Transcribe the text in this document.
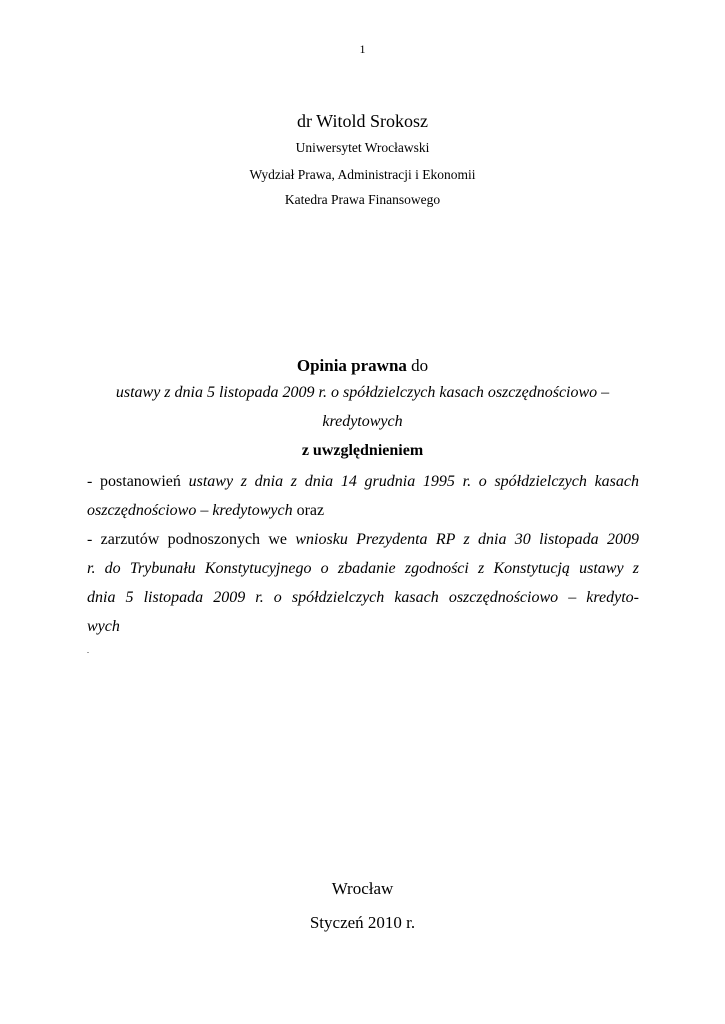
1
dr Witold Srokosz
Uniwersytet Wrocławski
Wydział Prawa, Administracji i Ekonomii
Katedra Prawa Finansowego
Opinia prawna do
ustawy z dnia 5 listopada 2009 r. o spółdzielczych kasach oszczędnościowo –
kredytowych
z uwzględnieniem
- postanowień ustawy z dnia z dnia 14 grudnia 1995 r. o spółdzielczych kasach
oszczędnościowo – kredytowych oraz
- zarzutów podnoszonych we wniosku Prezydenta RP z dnia 30 listopada 2009
r. do Trybunału Konstytucyjnego o zbadanie zgodności z Konstytucją ustawy z
dnia 5 listopada 2009 r. o spółdzielczych kasach oszczędnościowo – kredyto-
wych
.
Wrocław
Styczeń 2010 r.
